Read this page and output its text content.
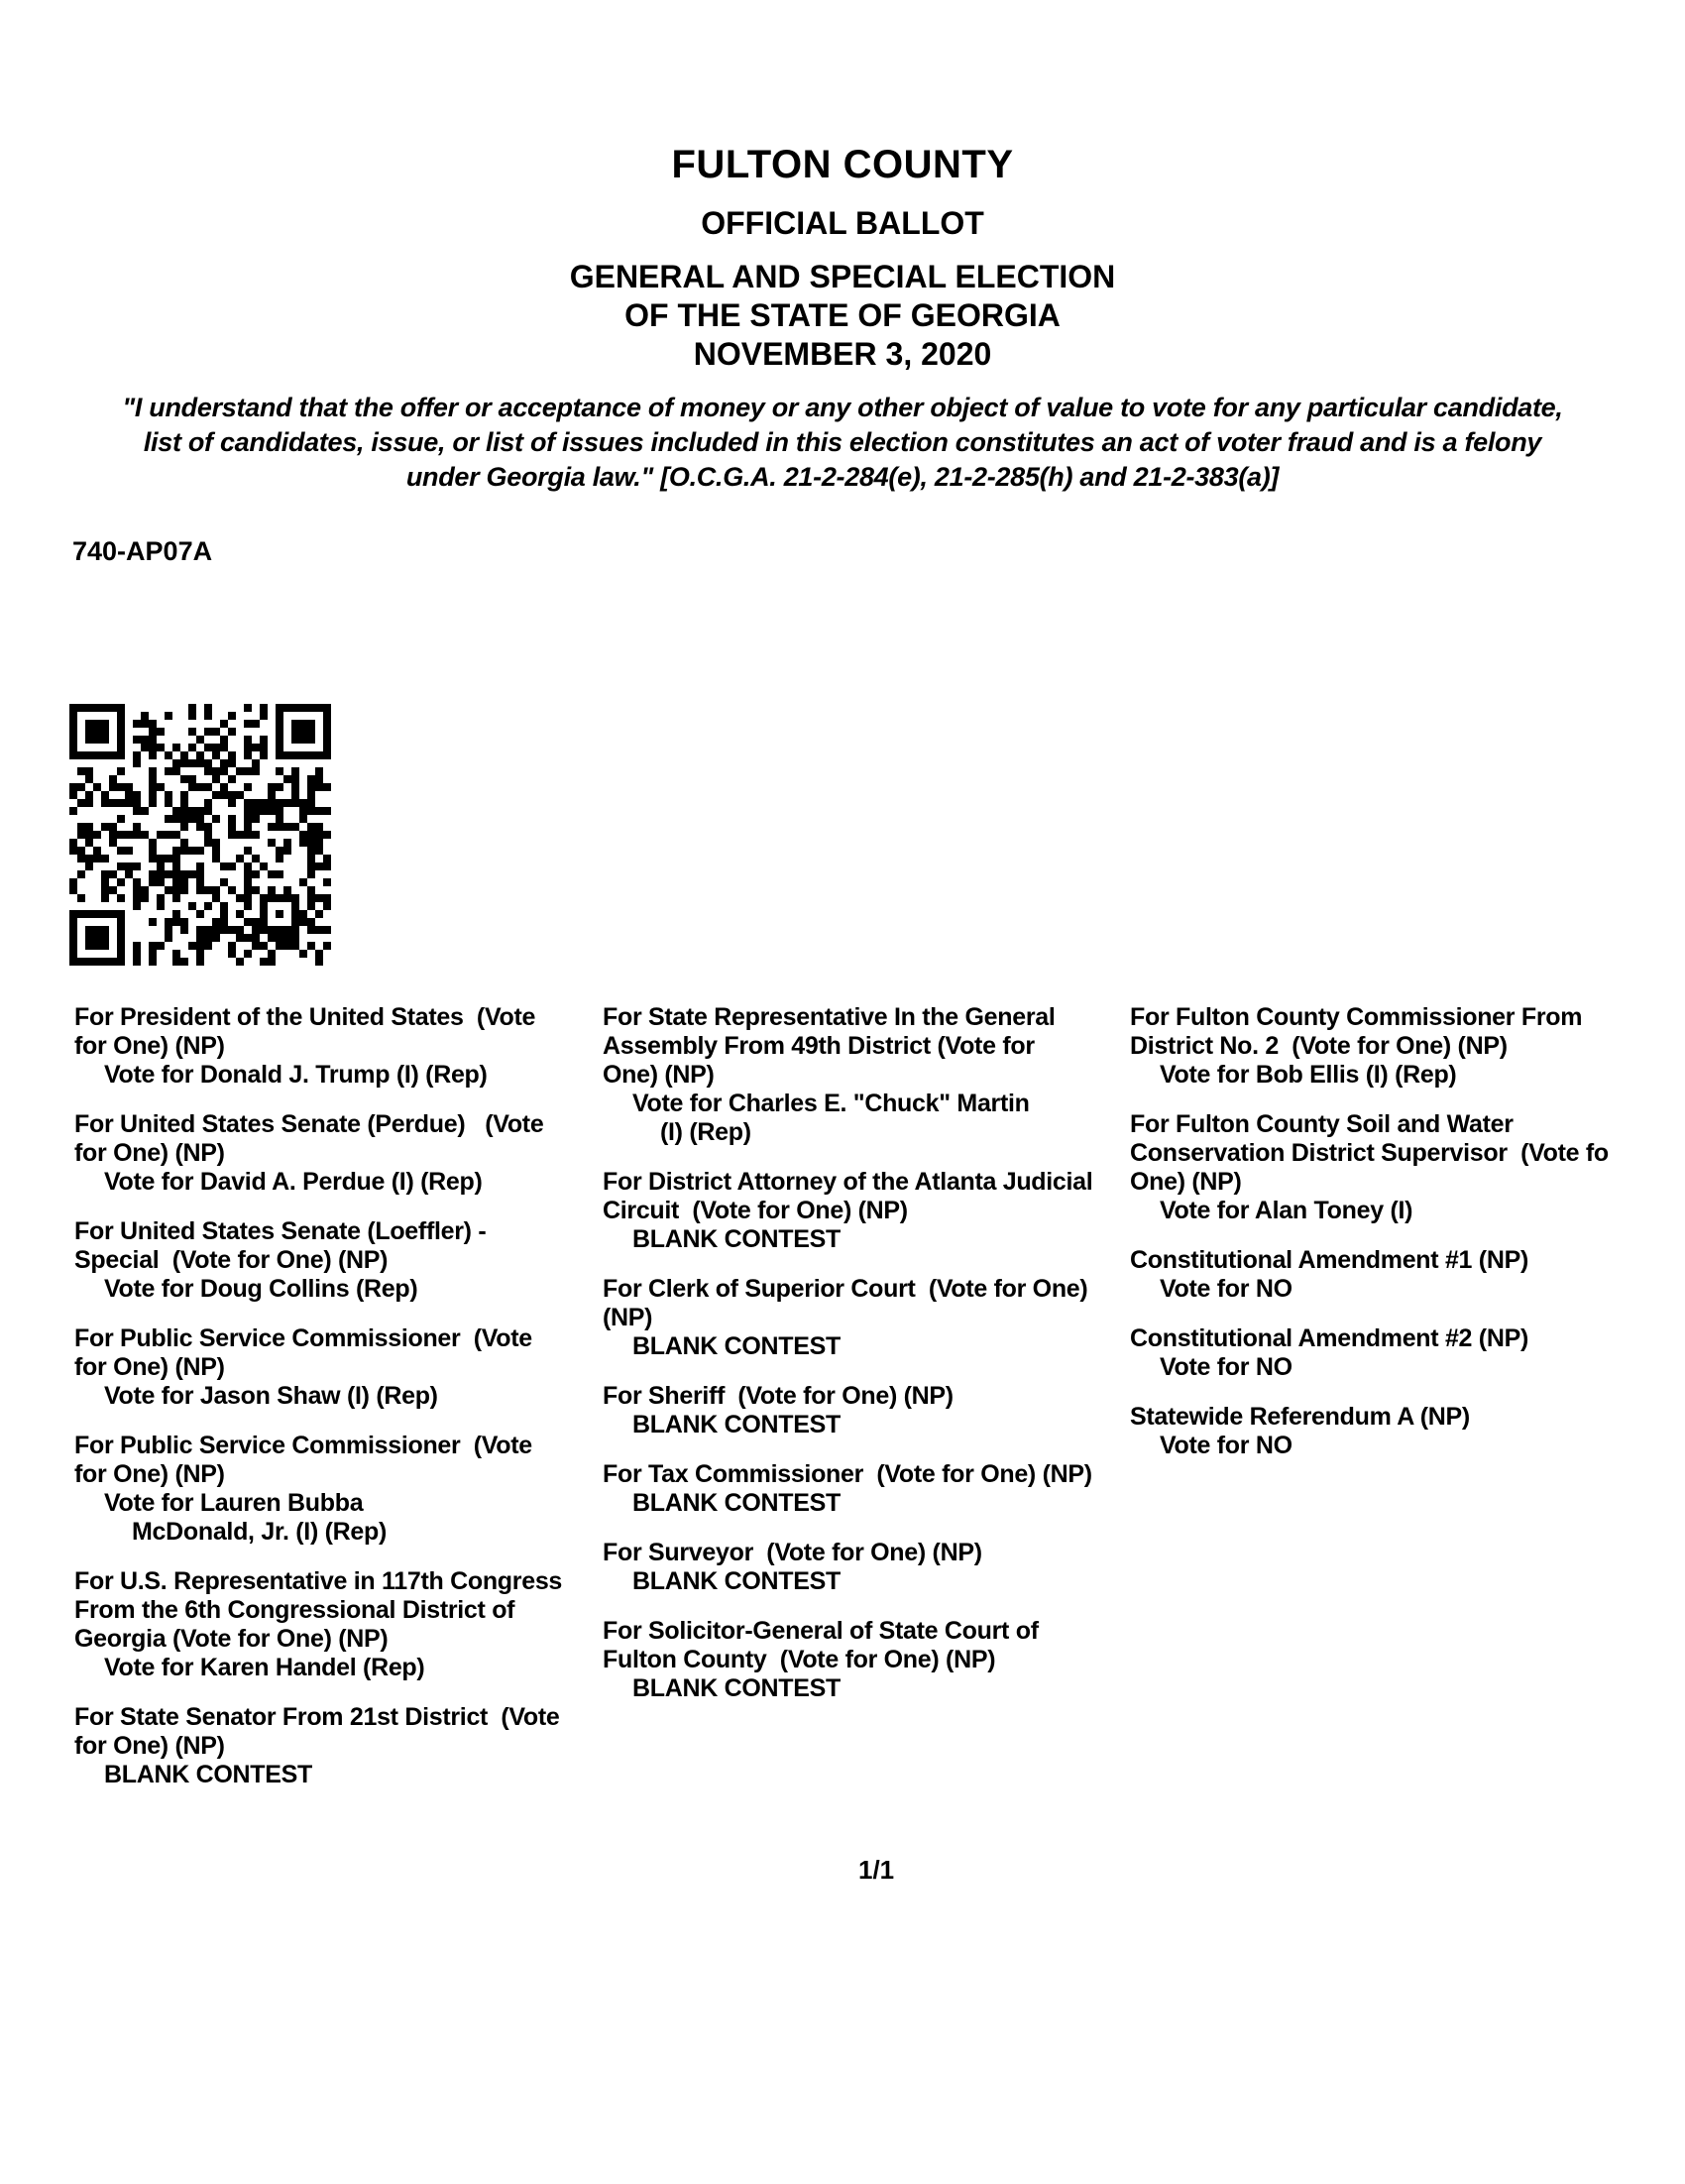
FULTON COUNTY
OFFICIAL BALLOT
GENERAL AND SPECIAL ELECTION
OF THE STATE OF GEORGIA
NOVEMBER 3, 2020
"I understand that the offer or acceptance of money or any other object of value to vote for any particular candidate,
list of candidates, issue, or list of issues included in this election constitutes an act of voter fraud and is a felony
under Georgia law." [O.C.G.A. 21-2-284(e), 21-2-285(h) and 21-2-383(a)]
740-AP07A
For President of the United States  (Vote
for One) (NP)
Vote for Donald J. Trump (I) (Rep)
For United States Senate (Perdue)   (Vote
for One) (NP)
Vote for David A. Perdue (I) (Rep)
For United States Senate (Loeffler) -
Special  (Vote for One) (NP)
Vote for Doug Collins (Rep)
For Public Service Commissioner  (Vote
for One) (NP)
Vote for Jason Shaw (I) (Rep)
For Public Service Commissioner  (Vote
for One) (NP)
Vote for Lauren Bubba
McDonald, Jr. (I) (Rep)
For U.S. Representative in 117th Congress
From the 6th Congressional District of
Georgia (Vote for One) (NP)
Vote for Karen Handel (Rep)
For State Senator From 21st District  (Vote
for One) (NP)
BLANK CONTEST
For State Representative In the General
Assembly From 49th District (Vote for
One) (NP)
Vote for Charles E. "Chuck" Martin
(I) (Rep)
For District Attorney of the Atlanta Judicial
Circuit  (Vote for One) (NP)
BLANK CONTEST
For Clerk of Superior Court  (Vote for One)
(NP)
BLANK CONTEST
For Sheriff  (Vote for One) (NP)
BLANK CONTEST
For Tax Commissioner  (Vote for One) (NP)
BLANK CONTEST
For Surveyor  (Vote for One) (NP)
BLANK CONTEST
For Solicitor-General of State Court of
Fulton County  (Vote for One) (NP)
BLANK CONTEST
For Fulton County Commissioner From
District No. 2  (Vote for One) (NP)
Vote for Bob Ellis (I) (Rep)
For Fulton County Soil and Water
Conservation District Supervisor  (Vote fo
One) (NP)
Vote for Alan Toney (I)
Constitutional Amendment #1 (NP)
Vote for NO
Constitutional Amendment #2 (NP)
Vote for NO
Statewide Referendum A (NP)
Vote for NO
1/1
